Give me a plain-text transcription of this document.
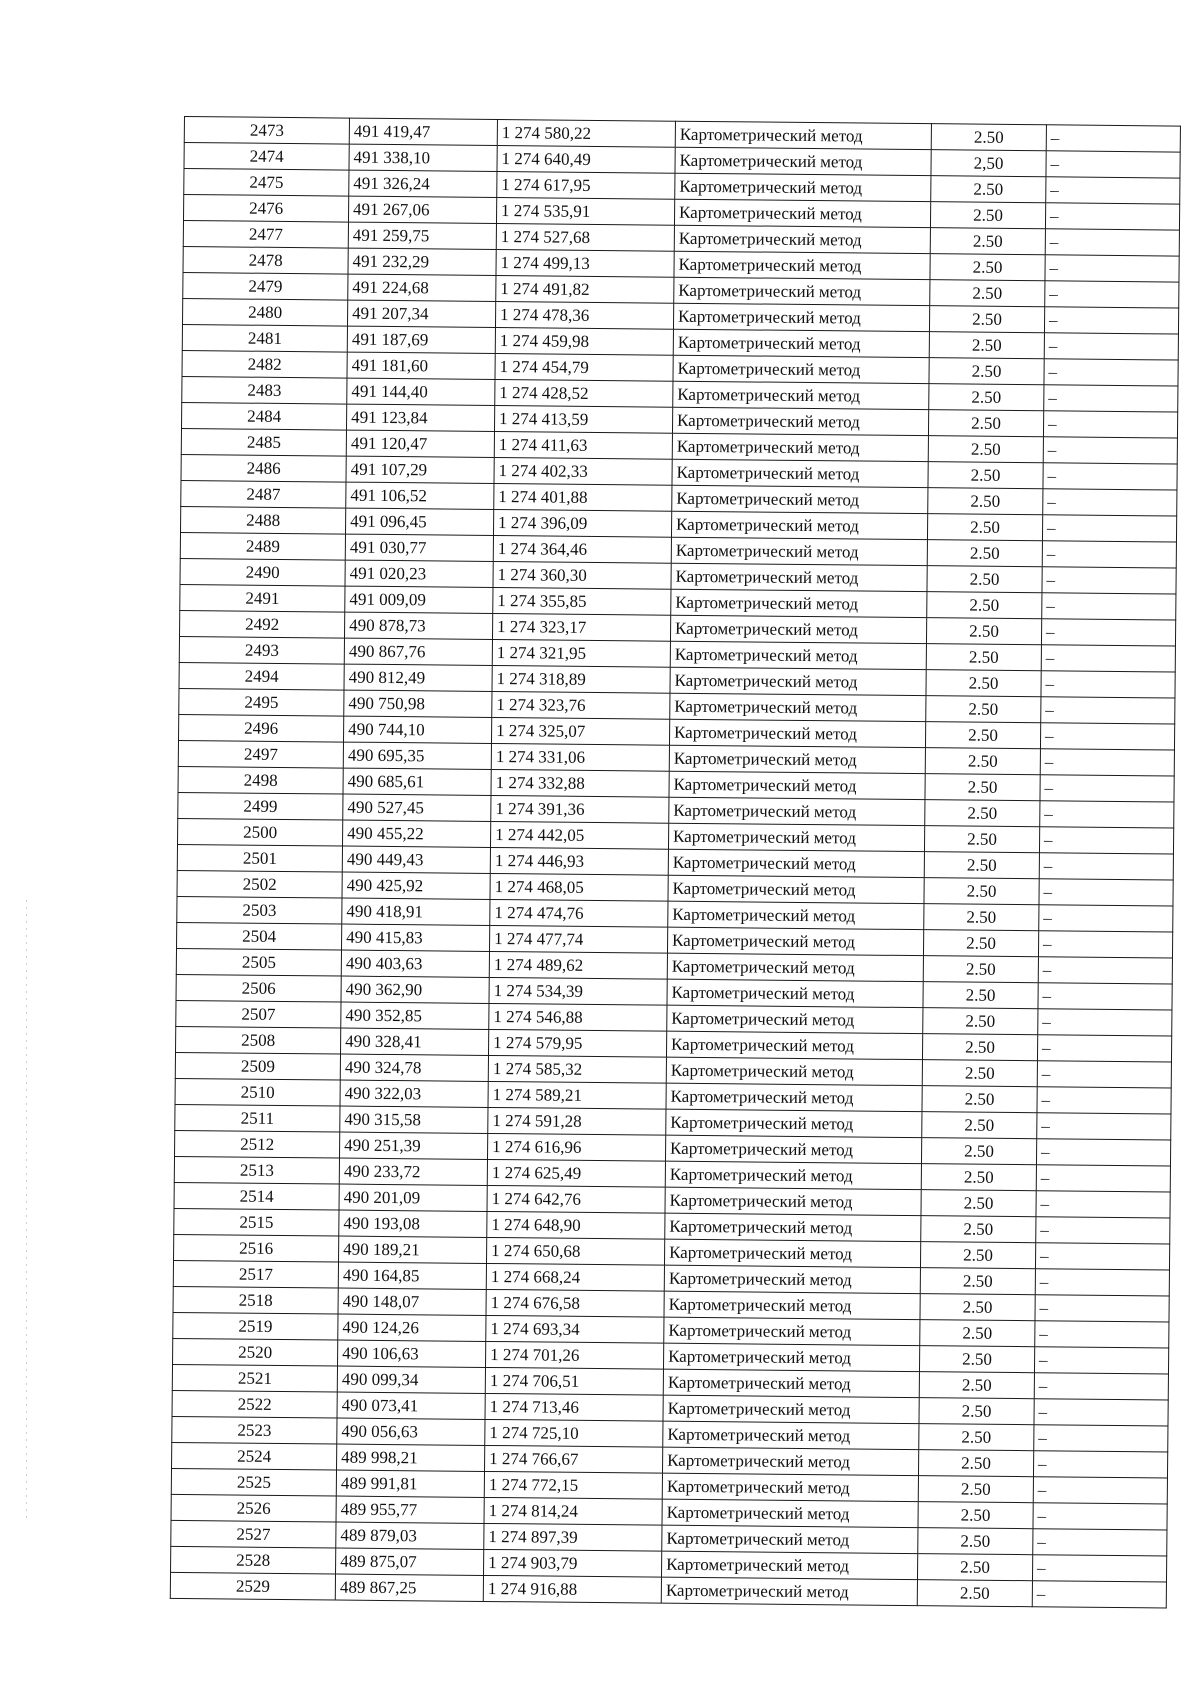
2473	491 419,47	1 274 580,22	Картометрический метод	2.50	–
2474	491 338,10	1 274 640,49	Картометрический метод	2,50	–
2475	491 326,24	1 274 617,95	Картометрический метод	2.50	–
2476	491 267,06	1 274 535,91	Картометрический метод	2.50	–
2477	491 259,75	1 274 527,68	Картометрический метод	2.50	–
2478	491 232,29	1 274 499,13	Картометрический метод	2.50	–
2479	491 224,68	1 274 491,82	Картометрический метод	2.50	–
2480	491 207,34	1 274 478,36	Картометрический метод	2.50	–
2481	491 187,69	1 274 459,98	Картометрический метод	2.50	–
2482	491 181,60	1 274 454,79	Картометрический метод	2.50	–
2483	491 144,40	1 274 428,52	Картометрический метод	2.50	–
2484	491 123,84	1 274 413,59	Картометрический метод	2.50	–
2485	491 120,47	1 274 411,63	Картометрический метод	2.50	–
2486	491 107,29	1 274 402,33	Картометрический метод	2.50	–
2487	491 106,52	1 274 401,88	Картометрический метод	2.50	–
2488	491 096,45	1 274 396,09	Картометрический метод	2.50	–
2489	491 030,77	1 274 364,46	Картометрический метод	2.50	–
2490	491 020,23	1 274 360,30	Картометрический метод	2.50	–
2491	491 009,09	1 274 355,85	Картометрический метод	2.50	–
2492	490 878,73	1 274 323,17	Картометрический метод	2.50	–
2493	490 867,76	1 274 321,95	Картометрический метод	2.50	–
2494	490 812,49	1 274 318,89	Картометрический метод	2.50	–
2495	490 750,98	1 274 323,76	Картометрический метод	2.50	–
2496	490 744,10	1 274 325,07	Картометрический метод	2.50	–
2497	490 695,35	1 274 331,06	Картометрический метод	2.50	–
2498	490 685,61	1 274 332,88	Картометрический метод	2.50	–
2499	490 527,45	1 274 391,36	Картометрический метод	2.50	–
2500	490 455,22	1 274 442,05	Картометрический метод	2.50	–
2501	490 449,43	1 274 446,93	Картометрический метод	2.50	–
2502	490 425,92	1 274 468,05	Картометрический метод	2.50	–
2503	490 418,91	1 274 474,76	Картометрический метод	2.50	–
2504	490 415,83	1 274 477,74	Картометрический метод	2.50	–
2505	490 403,63	1 274 489,62	Картометрический метод	2.50	–
2506	490 362,90	1 274 534,39	Картометрический метод	2.50	–
2507	490 352,85	1 274 546,88	Картометрический метод	2.50	–
2508	490 328,41	1 274 579,95	Картометрический метод	2.50	–
2509	490 324,78	1 274 585,32	Картометрический метод	2.50	–
2510	490 322,03	1 274 589,21	Картометрический метод	2.50	–
2511	490 315,58	1 274 591,28	Картометрический метод	2.50	–
2512	490 251,39	1 274 616,96	Картометрический метод	2.50	–
2513	490 233,72	1 274 625,49	Картометрический метод	2.50	–
2514	490 201,09	1 274 642,76	Картометрический метод	2.50	–
2515	490 193,08	1 274 648,90	Картометрический метод	2.50	–
2516	490 189,21	1 274 650,68	Картометрический метод	2.50	–
2517	490 164,85	1 274 668,24	Картометрический метод	2.50	–
2518	490 148,07	1 274 676,58	Картометрический метод	2.50	–
2519	490 124,26	1 274 693,34	Картометрический метод	2.50	–
2520	490 106,63	1 274 701,26	Картометрический метод	2.50	–
2521	490 099,34	1 274 706,51	Картометрический метод	2.50	–
2522	490 073,41	1 274 713,46	Картометрический метод	2.50	–
2523	490 056,63	1 274 725,10	Картометрический метод	2.50	–
2524	489 998,21	1 274 766,67	Картометрический метод	2.50	–
2525	489 991,81	1 274 772,15	Картометрический метод	2.50	–
2526	489 955,77	1 274 814,24	Картометрический метод	2.50	–
2527	489 879,03	1 274 897,39	Картометрический метод	2.50	–
2528	489 875,07	1 274 903,79	Картометрический метод	2.50	–
2529	489 867,25	1 274 916,88	Картометрический метод	2.50	–
